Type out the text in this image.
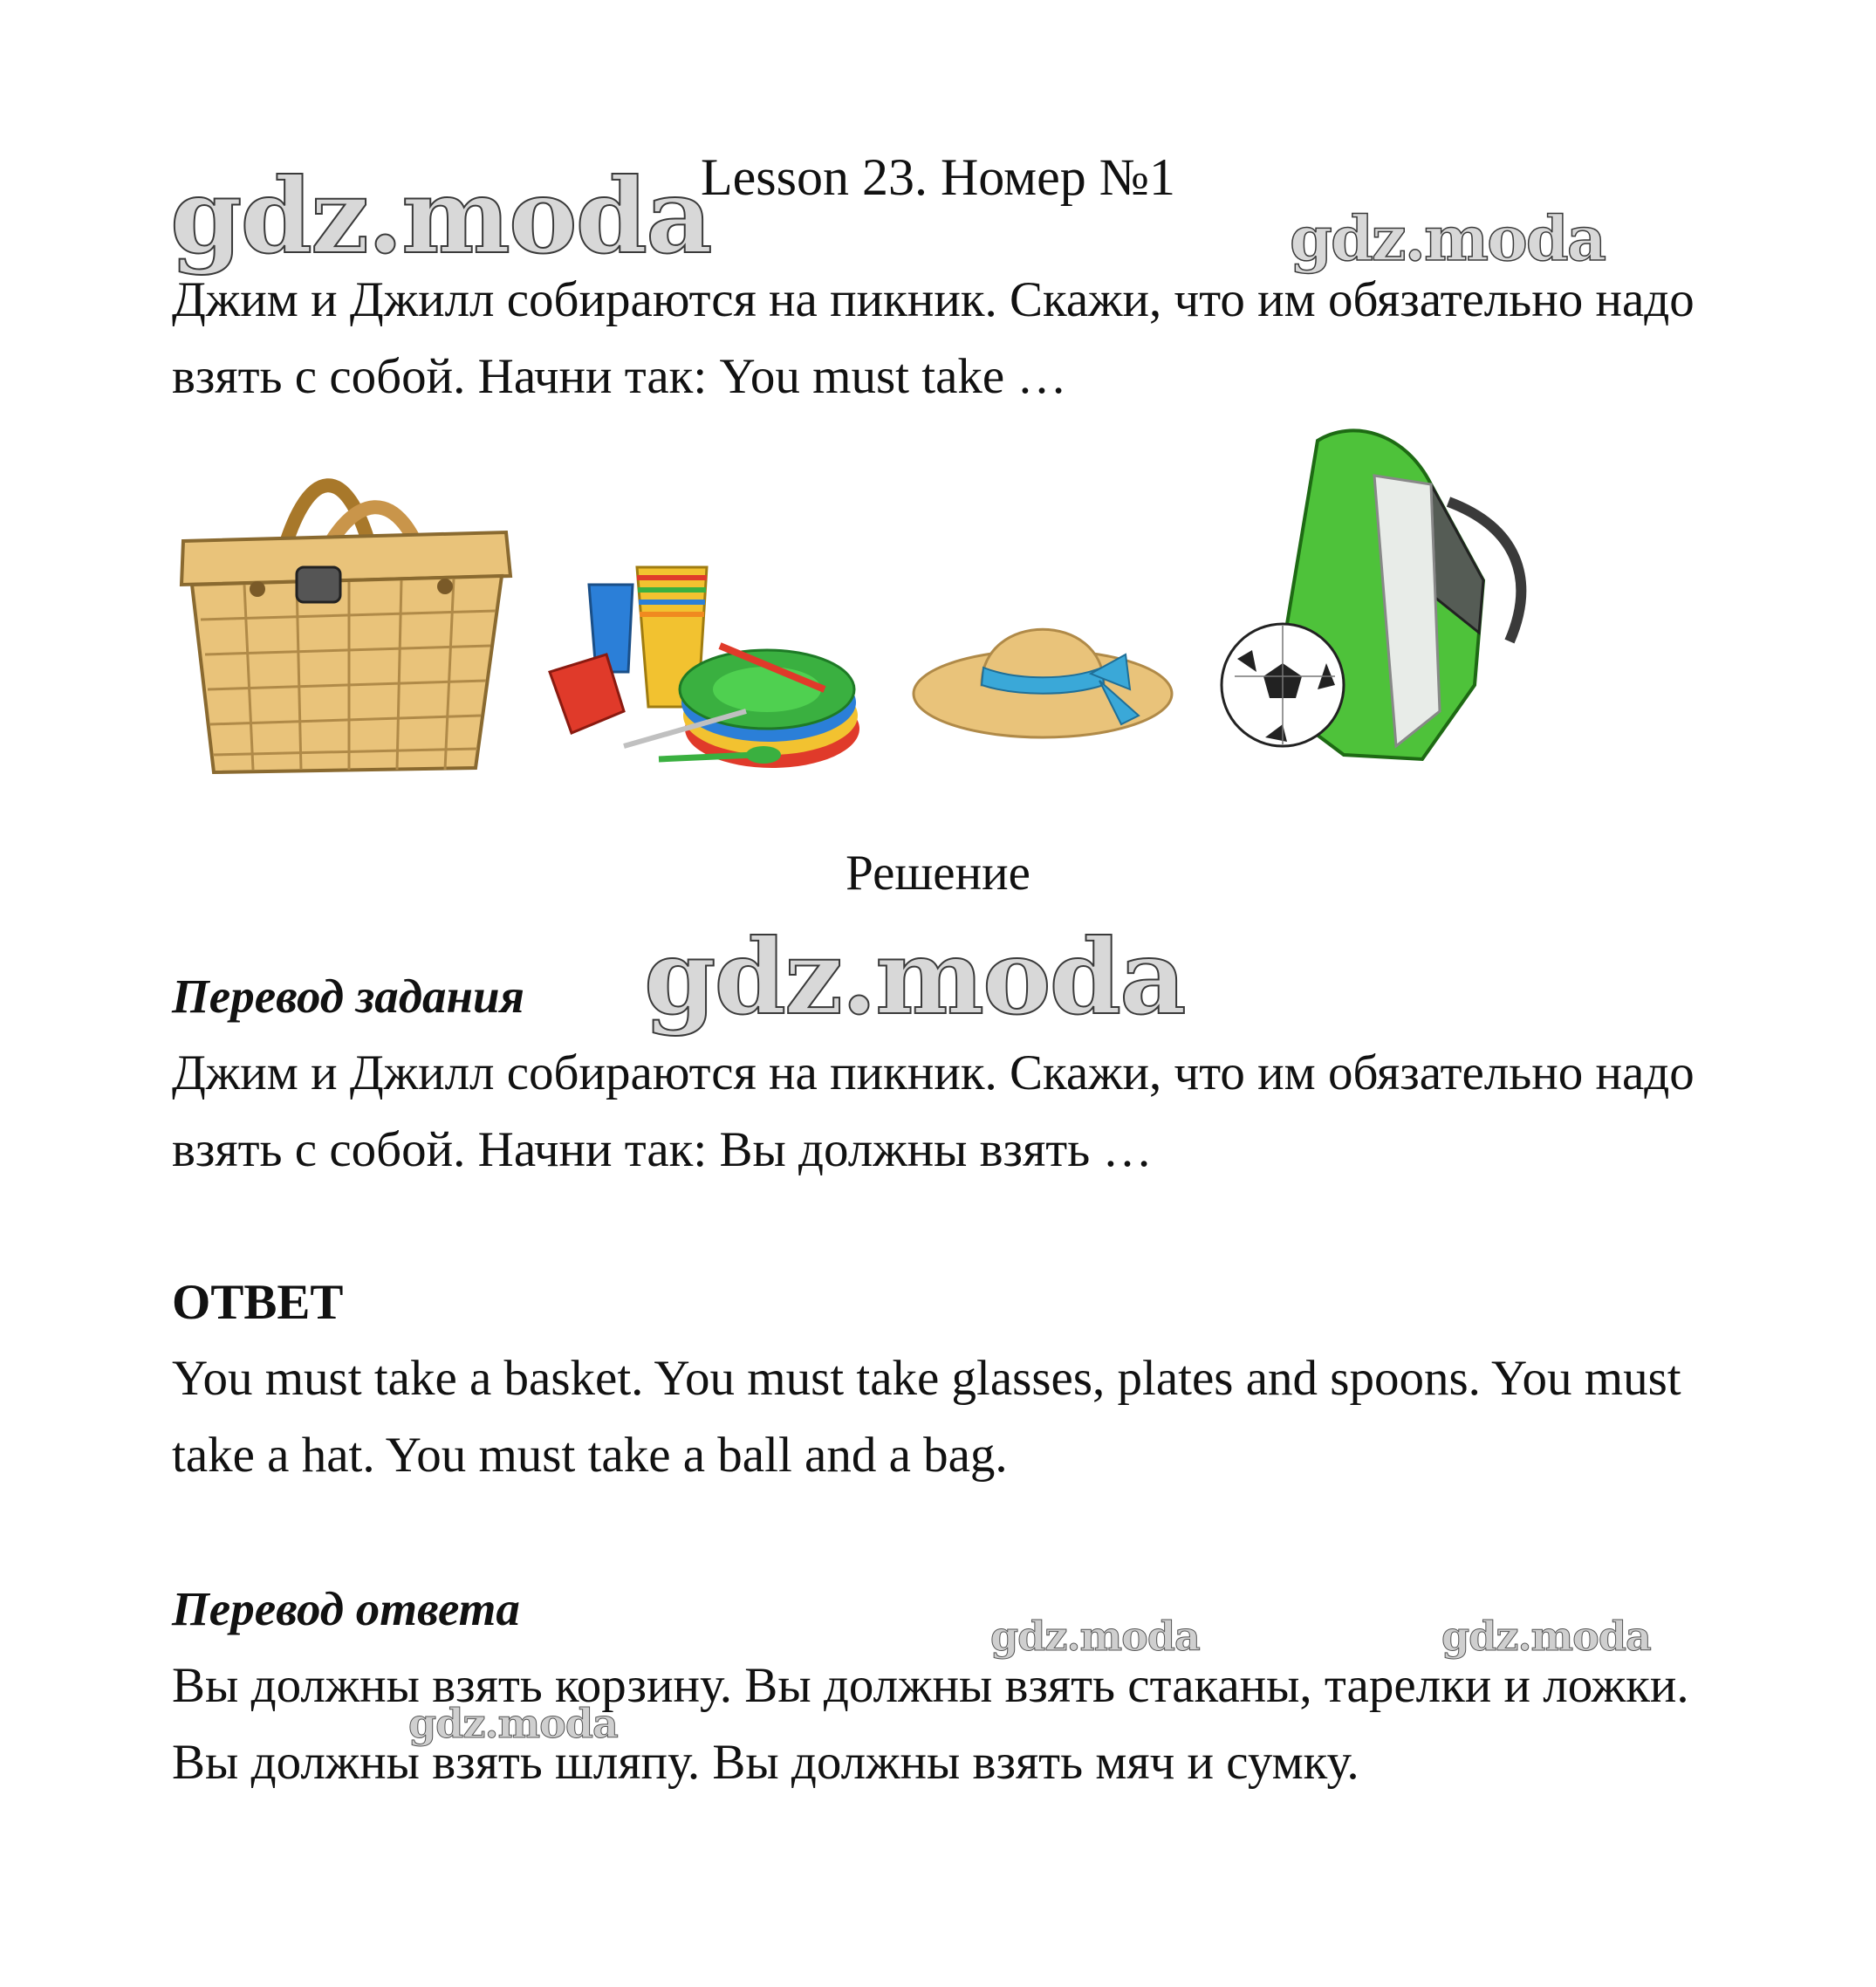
gdz.moda	gdz.moda
gdz.moda
gdz.moda	gdz.moda
gdz.moda
Lesson 23. Номер №1
Джим и Джилл собираются на пикник. Скажи, что им обязательно надо взять с собой. Начни так: You must take …
Решение
Перевод задания
Джим и Джилл собираются на пикник. Скажи, что им обязательно надо взять с собой. Начни так: Вы должны взять …
ОТВЕТ
You must take a basket. You must take glasses, plates and spoons. You must take a hat. You must take a ball and a bag.
Перевод ответа
Вы должны взять корзину. Вы должны взять стаканы, тарелки и ложки. Вы должны взять шляпу. Вы должны взять мяч и сумку.
